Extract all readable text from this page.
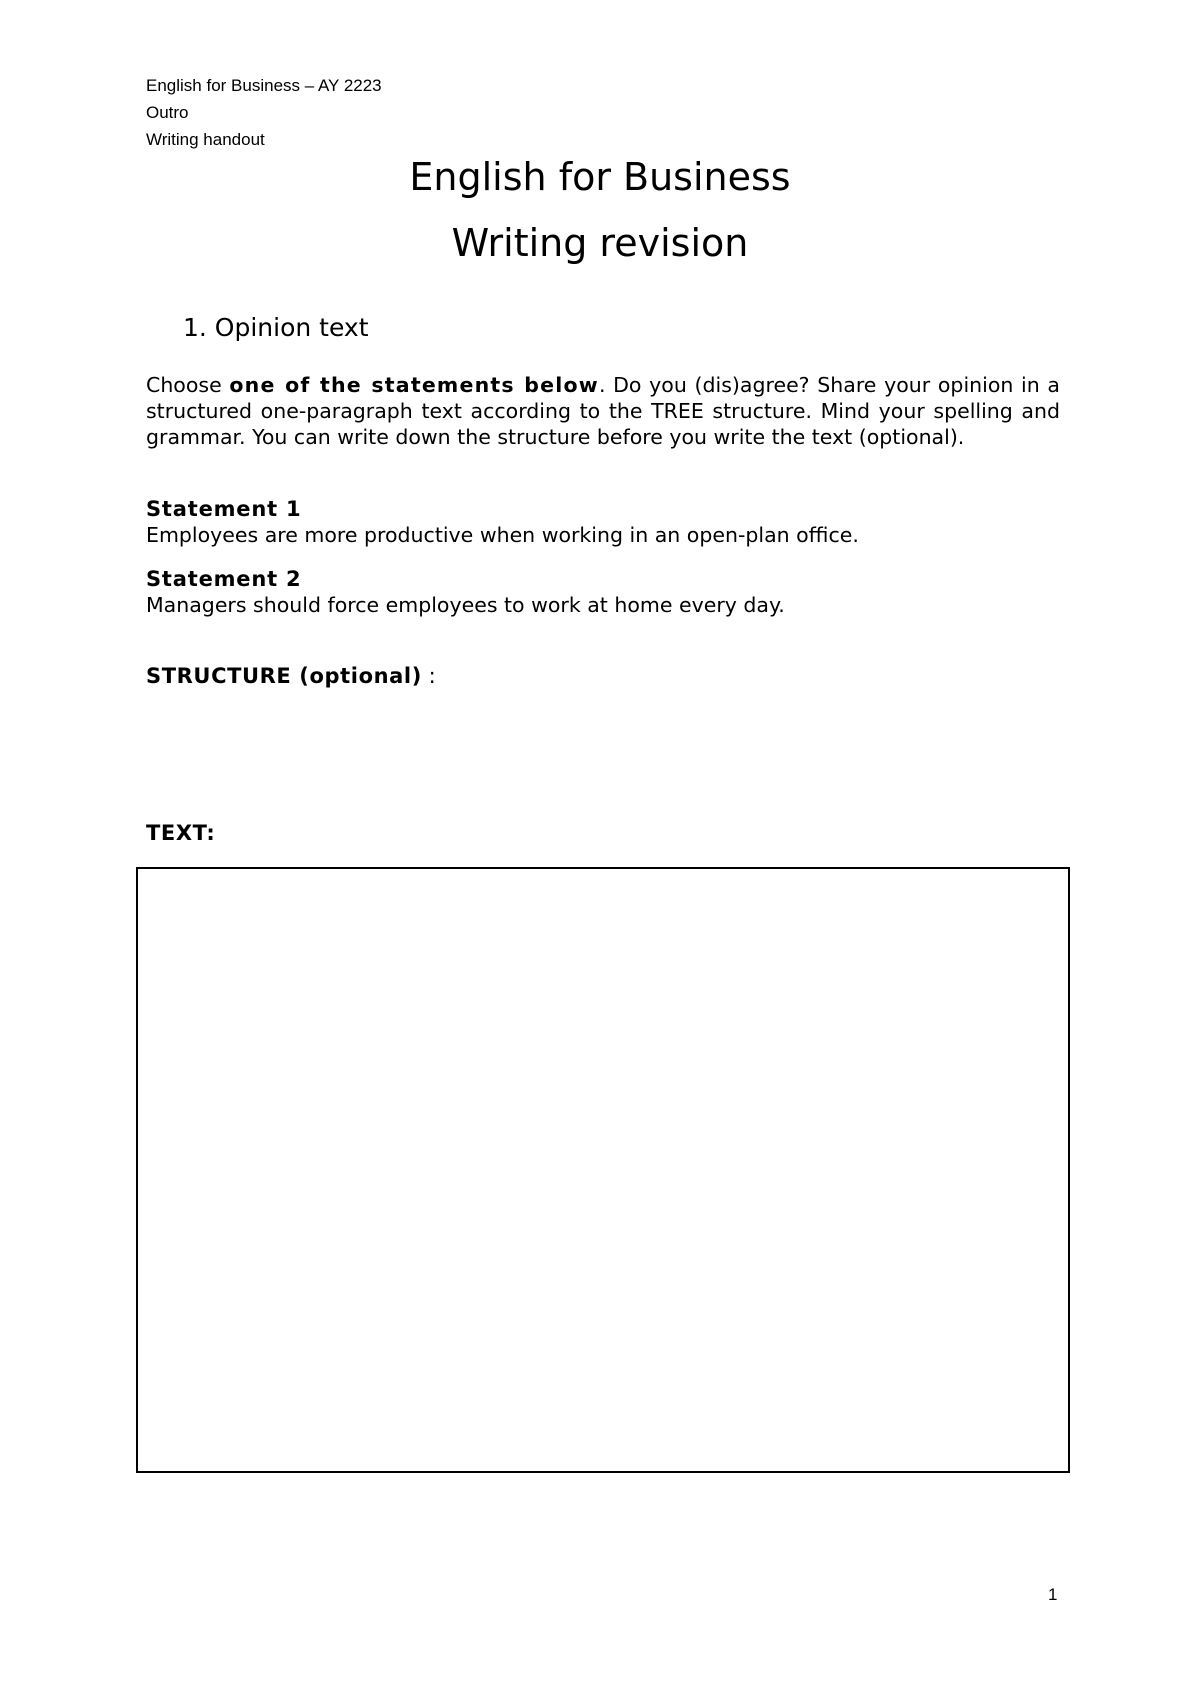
English for Business – AY 2223
Outro
Writing handout
English for Business
Writing revision
1. Opinion text
Choose one of the statements below. Do you (dis)agree? Share your opinion in a structured one-paragraph text according to the TREE structure. Mind your spelling and grammar. You can write down the structure before you write the text (optional).
Statement 1
Employees are more productive when working in an open-plan office.
Statement 2
Managers should force employees to work at home every day.
STRUCTURE (optional) :
TEXT:
1
